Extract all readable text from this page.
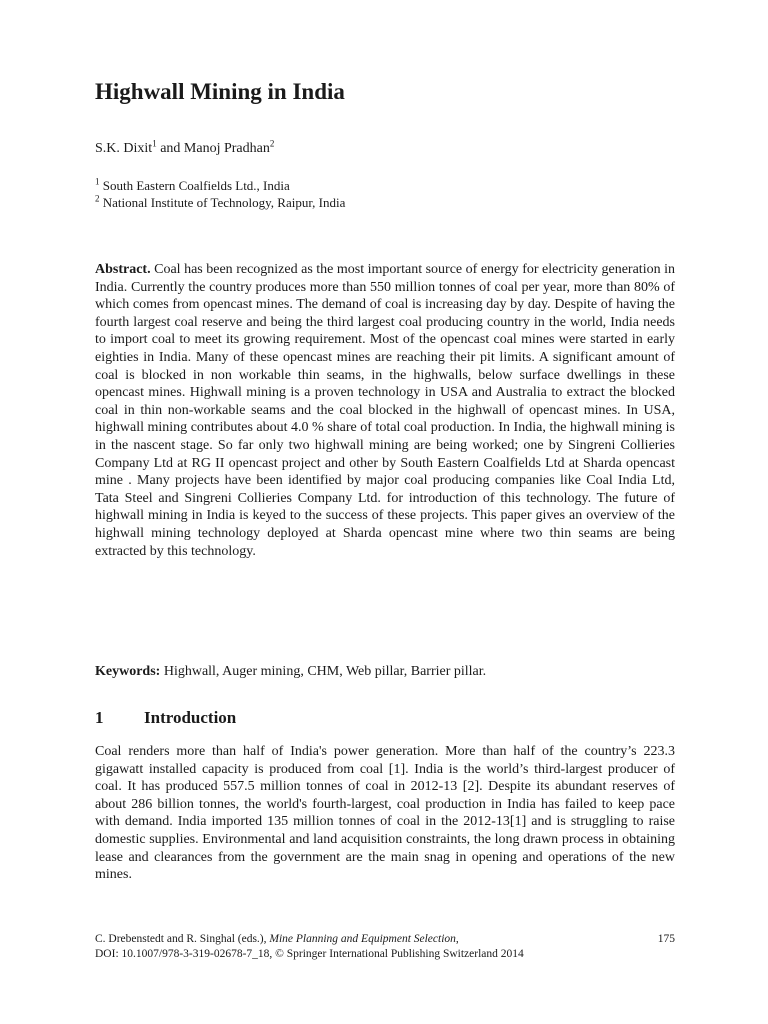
Highwall Mining in India

S.K. Dixit$^1$ and Manoj Pradhan$^2$

$^1$ South Eastern Coalfields Ltd., India
$^2$ National Institute of Technology, Raipur, India

Abstract. Coal has been recognized as the most important source of energy for electricity generation in India. Currently the country produces more than 550 million tonnes of coal per year, more than 80% of which comes from opencast mines. The demand of coal is increasing day by day. Despite of having the fourth largest coal reserve and being the third largest coal producing country in the world, India needs to import coal to meet its growing requirement. Most of the opencast coal mines were started in early eighties in India. Many of these opencast mines are reaching their pit limits. A significant amount of coal is blocked in non workable thin seams, in the highwalls, below surface dwellings in these opencast mines. Highwall mining is a proven technology in USA and Australia to extract the blocked coal in thin non-workable seams and the coal blocked in the highwall of opencast mines. In USA, highwall mining contributes about 4.0 % share of total coal production. In India, the highwall mining is in the nascent stage. So far only two highwall mining are being worked; one by Singreni Collieries Company Ltd at RG II opencast project and other by South Eastern Coalfields Ltd at Sharda opencast mine . Many projects have been identified by major coal producing companies like Coal India Ltd, Tata Steel and Singreni Collieries Company Ltd. for introduction of this technology. The future of highwall mining in India is keyed to the success of these projects. This paper gives an overview of the highwall mining technology deployed at Sharda opencast mine where two thin seams are being extracted by this technology.

Keywords: Highwall, Auger mining, CHM, Web pillar, Barrier pillar.

1 Introduction

Coal renders more than half of India's power generation. More than half of the country’s 223.3 gigawatt installed capacity is produced from coal [1]. India is the world’s third-largest producer of coal. It has produced 557.5 million tonnes of coal in 2012-13 [2]. Despite its abundant reserves of about 286 billion tonnes, the world's fourth-largest, coal production in India has failed to keep pace with demand. India imported 135 million tonnes of coal in the 2012-13[1] and is struggling to raise domestic supplies. Environmental and land acquisition constraints, the long drawn process in obtaining lease and clearances from the government are the main snag in opening and operations of the new mines.

C. Drebenstedt and R. Singhal (eds.), Mine Planning and Equipment Selection,
DOI: 10.1007/978-3-319-02678-7_18, © Springer International Publishing Switzerland 2014
175
